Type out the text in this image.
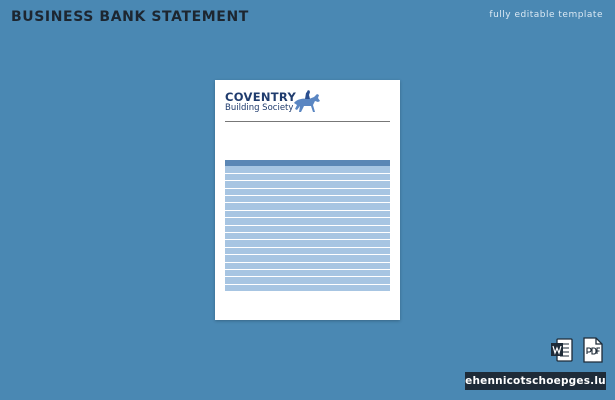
BUSINESS BANK STATEMENT	fully editable template
COVENTRY
Building Society

ehennicotschoepges.lu
